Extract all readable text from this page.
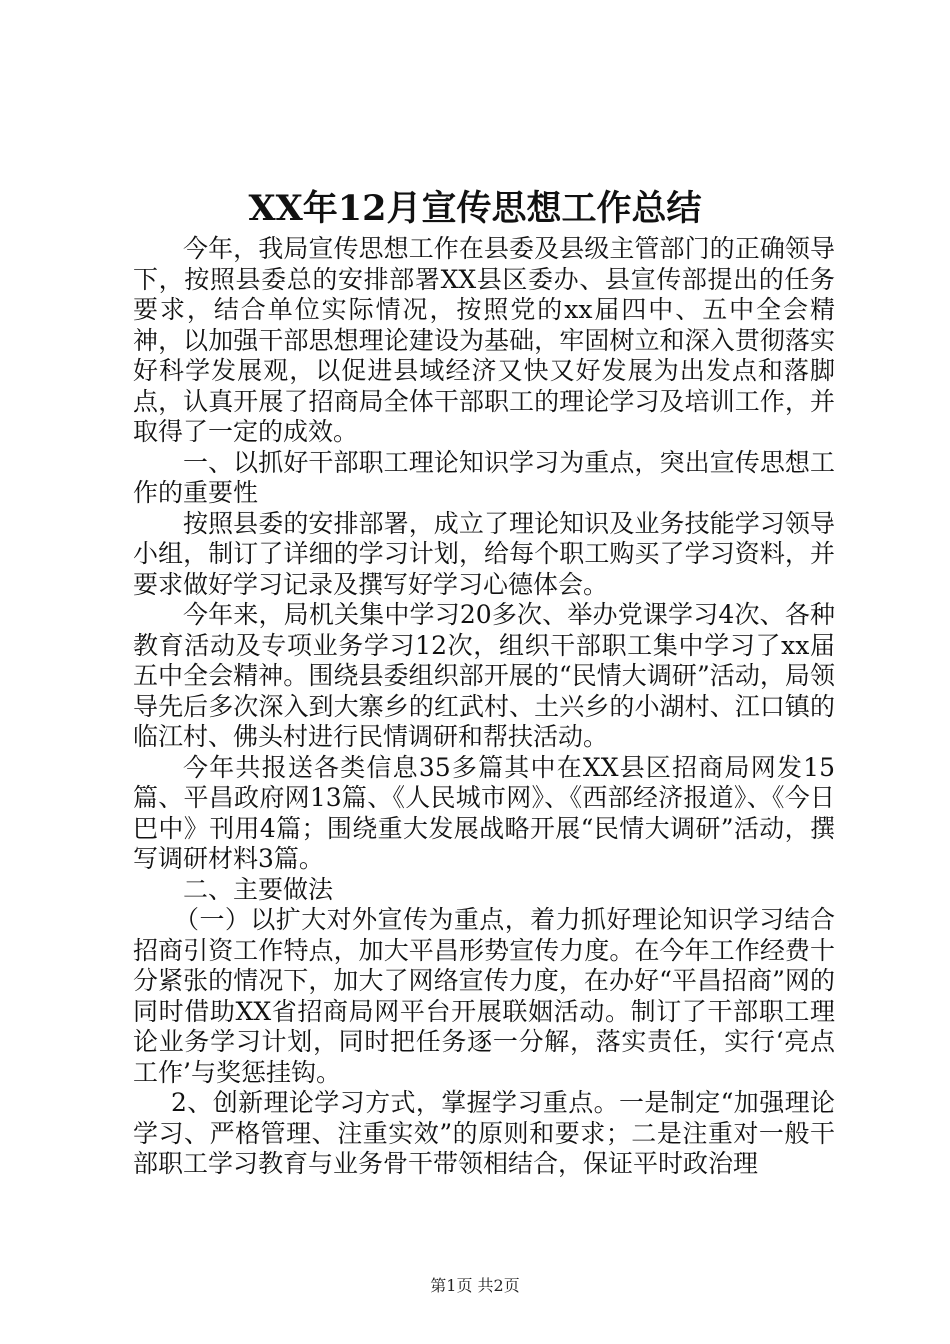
XX年12月宣传思想工作总结

今年，我局宣传思想工作在县委及县级主管部门的正确领导下，按照县委总的安排部署XX县区委办、县宣传部提出的任务要求，结合单位实际情况，按照党的xx届四中、五中全会精神，以加强干部思想理论建设为基础，牢固树立和深入贯彻落实好科学发展观，以促进县域经济又快又好发展为出发点和落脚点，认真开展了招商局全体干部职工的理论学习及培训工作，并取得了一定的成效。

一、以抓好干部职工理论知识学习为重点，突出宣传思想工作的重要性

按照县委的安排部署，成立了理论知识及业务技能学习领导小组，制订了详细的学习计划，给每个职工购买了学习资料，并要求做好学习记录及撰写好学习心德体会。

今年来，局机关集中学习20多次、举办党课学习4次、各种教育活动及专项业务学习12次，组织干部职工集中学习了xx届五中全会精神。围绕县委组织部开展的“民情大调研”活动，局领导先后多次深入到大寨乡的红武村、土兴乡的小湖村、江口镇的临江村、佛头村进行民情调研和帮扶活动。

今年共报送各类信息35多篇其中在XX县区招商局网发15篇、平昌政府网13篇、《人民城市网》、《西部经济报道》、《今日巴中》刊用4篇；围绕重大发展战略开展“民情大调研”活动，撰写调研材料3篇。

二、主要做法

（一）以扩大对外宣传为重点，着力抓好理论知识学习结合招商引资工作特点，加大平昌形势宣传力度。在今年工作经费十分紧张的情况下，加大了网络宣传力度，在办好“平昌招商”网的同时借助XX省招商局网平台开展联姻活动。制订了干部职工理论业务学习计划，同时把任务逐一分解，落实责任，实行‘亮点工作’与奖惩挂钩。

2、创新理论学习方式，掌握学习重点。一是制定“加强理论学习、严格管理、注重实效”的原则和要求；二是注重对一般干部职工学习教育与业务骨干带领相结合，保证平时政治理

第1页 共2页
